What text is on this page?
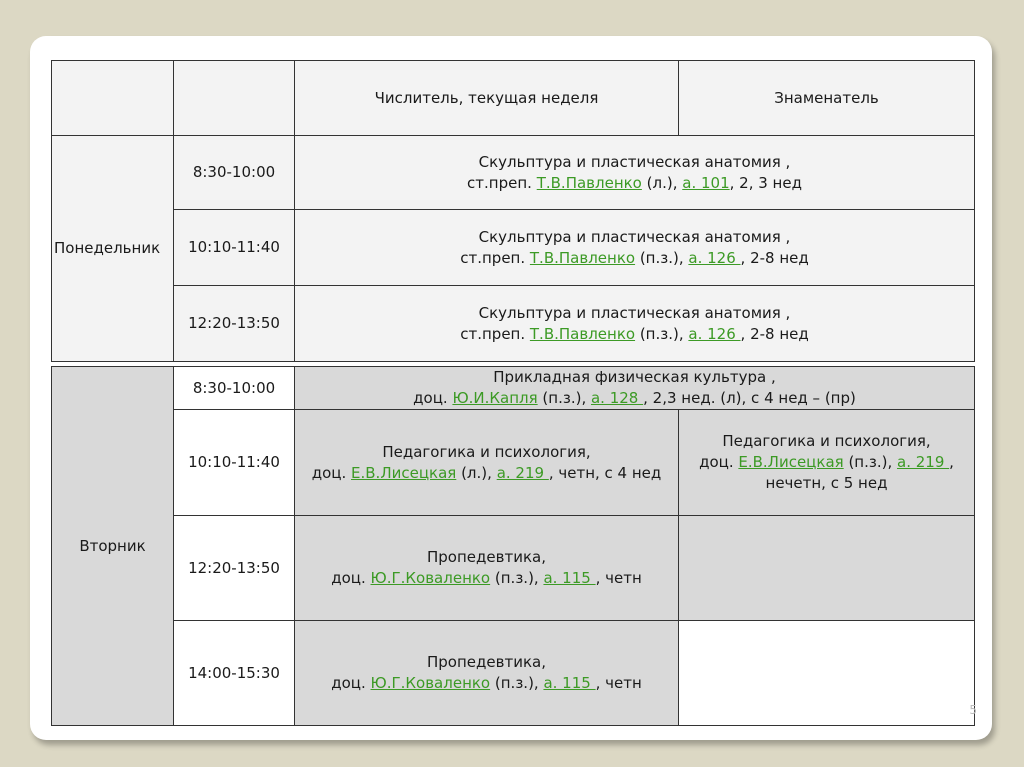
Числитель, текущая неделя	Знаменатель
Понедельник
8:30-10:00
Скульптура и пластическая анатомия ,
ст.преп. Т.В.Павленко (л.), а. 101, 2, 3 нед
10:10-11:40
Скульптура и пластическая анатомия ,
ст.преп. Т.В.Павленко (п.з.), а. 126 , 2-8 нед
12:20-13:50
Скульптура и пластическая анатомия ,
ст.преп. Т.В.Павленко (п.з.), а. 126 , 2-8 нед
Вторник
8:30-10:00
Прикладная физическая культура ,
доц. Ю.И.Капля (п.з.), а. 128 , 2,3 нед. (л), с 4 нед – (пр)
10:10-11:40
Педагогика и психология,
доц. Е.В.Лисецкая (л.), а. 219 , четн, с 4 нед
Педагогика и психология,
доц. Е.В.Лисецкая (п.з.), а. 219 , нечетн, с 5 нед
12:20-13:50
Пропедевтика,
доц. Ю.Г.Коваленко (п.з.), а. 115 , четн
14:00-15:30
Пропедевтика,
доц. Ю.Г.Коваленко (п.з.), а. 115 , четн
5
